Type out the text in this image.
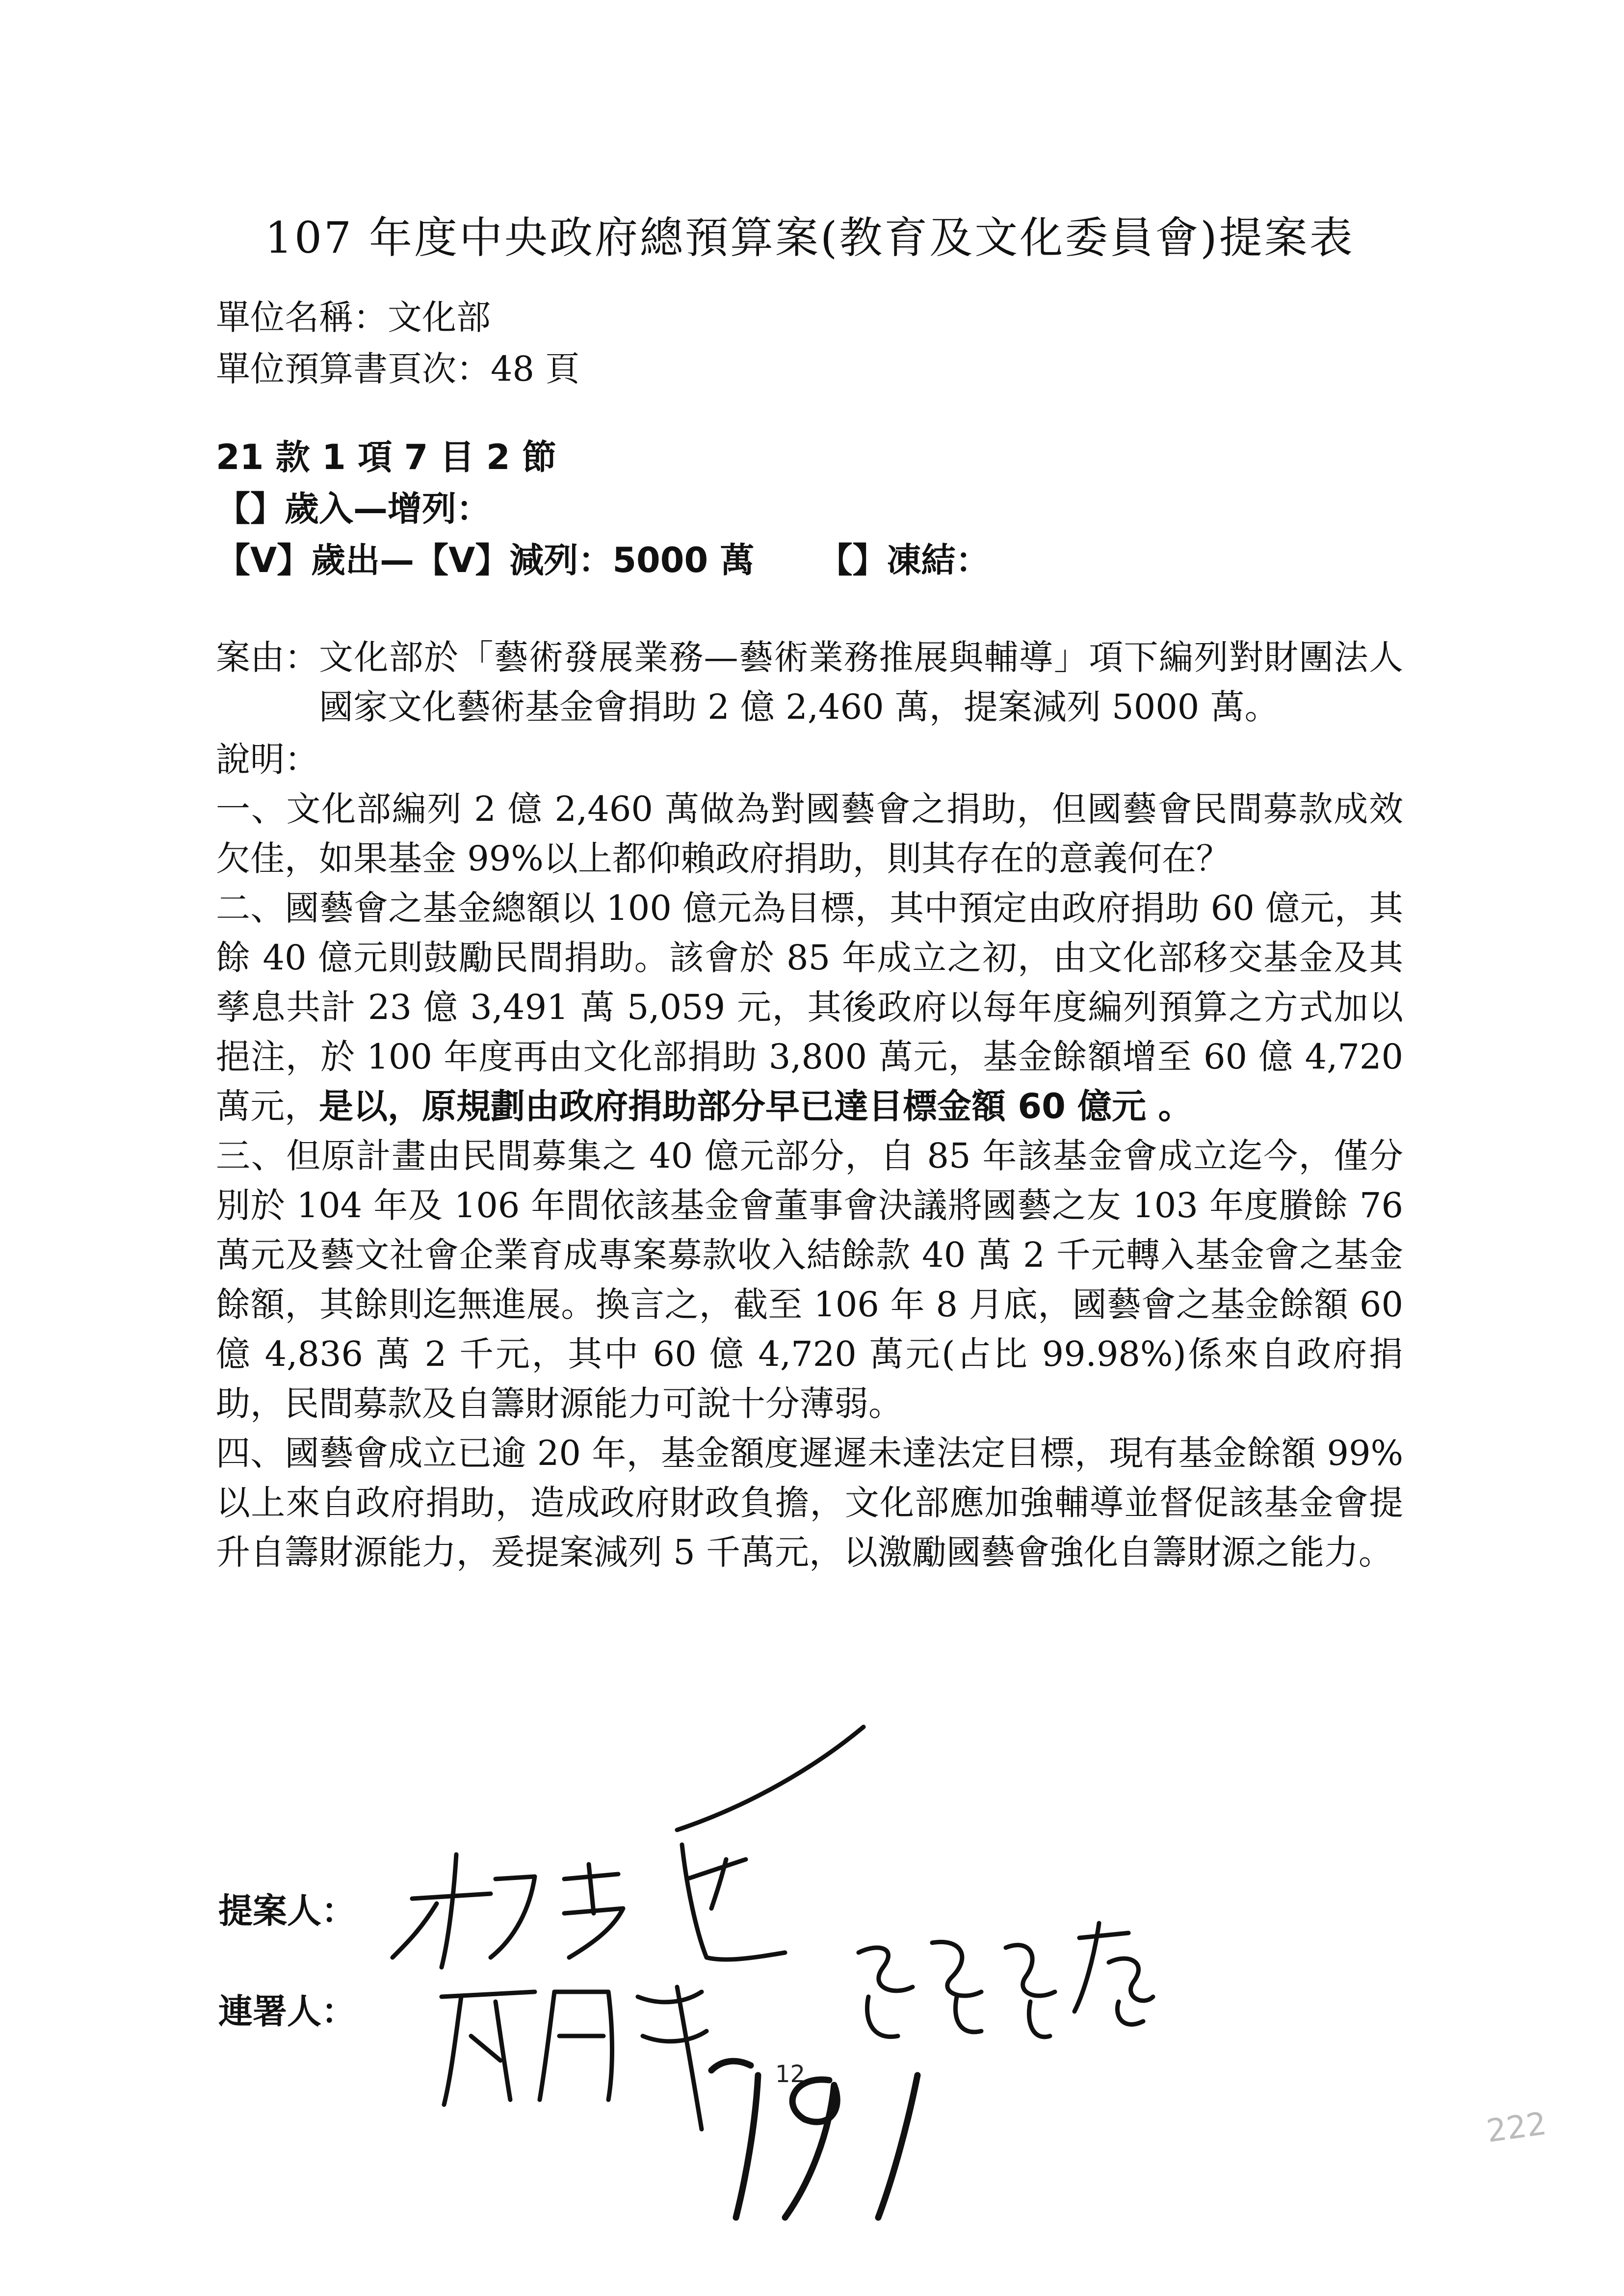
107 年度中央政府總預算案(教育及文化委員會)提案表
單位名稱：文化部
單位預算書頁次：48 頁
21 款 1 項 7 目 2 節
【】歲入—增列：
【V】歲出—【V】減列：5000 萬 【】凍結：
案由： 文化部於「藝術發展業務—藝術業務推展與輔導」項下編列對財團法人國家文化藝術基金會捐助 2 億 2,460 萬，提案減列 5000 萬。
說明：

一、文化部編列 2 億 2,460 萬做為對國藝會之捐助，但國藝會民間募款成效欠佳，如果基金 99%以上都仰賴政府捐助，則其存在的意義何在？

二、國藝會之基金總額以 100 億元為目標，其中預定由政府捐助 60 億元，其餘 40 億元則鼓勵民間捐助。該會於 85 年成立之初，由文化部移交基金及其孳息共計 23 億 3,491 萬 5,059 元，其後政府以每年度編列預算之方式加以挹注，於 100 年度再由文化部捐助 3,800 萬元，基金餘額增至 60 億 4,720 萬元，是以，原規劃由政府捐助部分早已達目標金額 60 億元 。

三、但原計畫由民間募集之 40 億元部分，自 85 年該基金會成立迄今，僅分別於 104 年及 106 年間依該基金會董事會決議將國藝之友 103 年度賸餘 76 萬元及藝文社會企業育成專案募款收入結餘款 40 萬 2 千元轉入基金會之基金餘額，其餘則迄無進展。換言之，截至 106 年 8 月底，國藝會之基金餘額 60 億 4,836 萬 2 千元，其中 60 億 4,720 萬元(占比 99.98%)係來自政府捐助，民間募款及自籌財源能力可說十分薄弱。

四、國藝會成立已逾 20 年，基金額度遲遲未達法定目標，現有基金餘額 99%以上來自政府捐助，造成政府財政負擔，文化部應加強輔導並督促該基金會提升自籌財源能力，爰提案減列 5 千萬元，以激勵國藝會強化自籌財源之能力。

提案人：
連署人：
12
222
